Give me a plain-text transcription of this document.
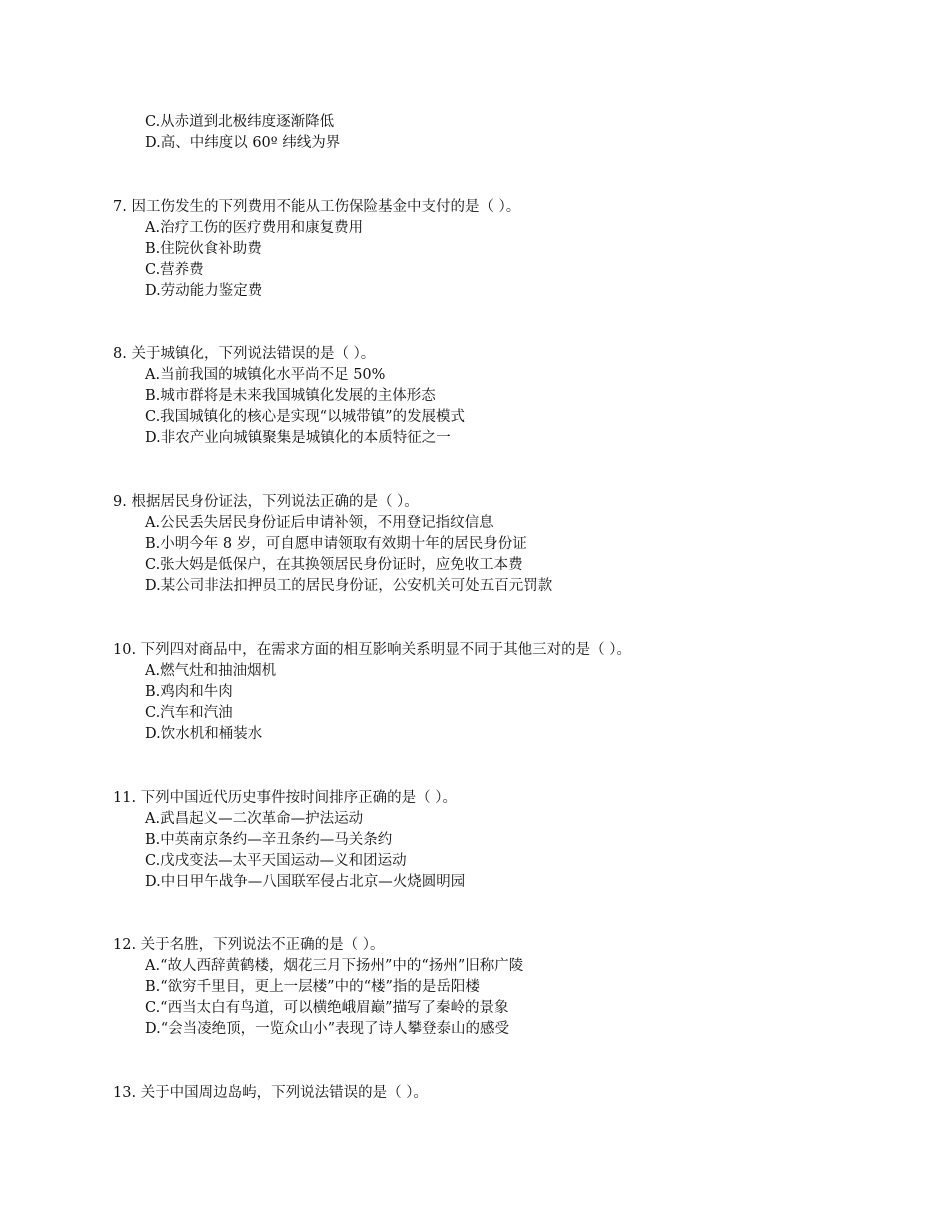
C.从赤道到北极纬度逐渐降低
D.高、中纬度以 60º 纬线为界
7. 因工伤发生的下列费用不能从工伤保险基金中支付的是（ ）。
A.治疗工伤的医疗费用和康复费用
B.住院伙食补助费
C.营养费
D.劳动能力鉴定费
8. 关于城镇化，下列说法错误的是（ ）。
A.当前我国的城镇化水平尚不足 50%
B.城市群将是未来我国城镇化发展的主体形态
C.我国城镇化的核心是实现“以城带镇”的发展模式
D.非农产业向城镇聚集是城镇化的本质特征之一
9. 根据居民身份证法，下列说法正确的是（ ）。
A.公民丢失居民身份证后申请补领，不用登记指纹信息
B.小明今年 8 岁，可自愿申请领取有效期十年的居民身份证
C.张大妈是低保户，在其换领居民身份证时，应免收工本费
D.某公司非法扣押员工的居民身份证，公安机关可处五百元罚款
10. 下列四对商品中，在需求方面的相互影响关系明显不同于其他三对的是（ ）。
A.燃气灶和抽油烟机
B.鸡肉和牛肉
C.汽车和汽油
D.饮水机和桶装水
11. 下列中国近代历史事件按时间排序正确的是（ ）。
A.武昌起义—二次革命—护法运动
B.中英南京条约—辛丑条约—马关条约
C.戊戌变法—太平天国运动—义和团运动
D.中日甲午战争—八国联军侵占北京—火烧圆明园
12. 关于名胜，下列说法不正确的是（ ）。
A.“故人西辞黄鹤楼，烟花三月下扬州”中的“扬州”旧称广陵
B.“欲穷千里目，更上一层楼”中的“楼”指的是岳阳楼
C.“西当太白有鸟道，可以横绝峨眉巅”描写了秦岭的景象
D.“会当凌绝顶，一览众山小”表现了诗人攀登泰山的感受
13. 关于中国周边岛屿，下列说法错误的是（ ）。
